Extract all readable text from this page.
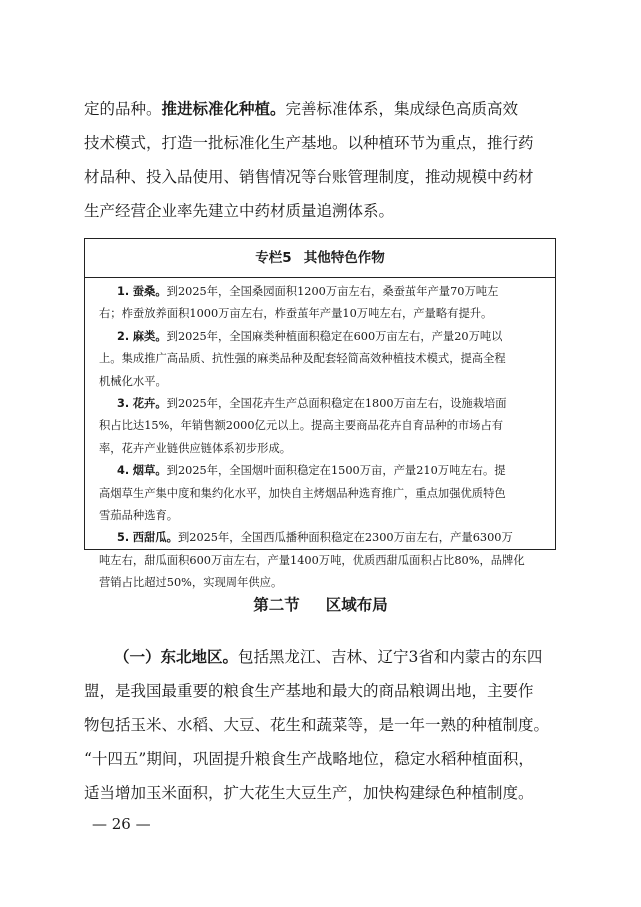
定的品种。推进标准化种植。完善标准体系，集成绿色高质高效

技术模式，打造一批标准化生产基地。以种植环节为重点，推行药

材品种、投入品使用、销售情况等台账管理制度，推动规模中药材

生产经营企业率先建立中药材质量追溯体系。

专栏5 其他特色作物

1. 蚕桑。到2025年，全国桑园面积1200万亩左右，桑蚕茧年产量70万吨左
右；柞蚕放养面积1000万亩左右，柞蚕茧年产量10万吨左右，产量略有提升。

2. 麻类。到2025年，全国麻类种植面积稳定在600万亩左右，产量20万吨以
上。集成推广高品质、抗性强的麻类品种及配套轻简高效种植技术模式，提高全程
机械化水平。

3. 花卉。到2025年，全国花卉生产总面积稳定在1800万亩左右，设施栽培面
积占比达15%，年销售额2000亿元以上。提高主要商品花卉自育品种的市场占有
率，花卉产业链供应链体系初步形成。

4. 烟草。到2025年，全国烟叶面积稳定在1500万亩，产量210万吨左右。提
高烟草生产集中度和集约化水平，加快自主烤烟品种选育推广，重点加强优质特色
雪茄品种选育。

5. 西甜瓜。到2025年，全国西瓜播种面积稳定在2300万亩左右，产量6300万
吨左右，甜瓜面积600万亩左右，产量1400万吨，优质西甜瓜面积占比80%，品牌化
营销占比超过50%，实现周年供应。

第二节 区域布局

（一）东北地区。包括黑龙江、吉林、辽宁3省和内蒙古的东四

盟，是我国最重要的粮食生产基地和最大的商品粮调出地，主要作

物包括玉米、水稻、大豆、花生和蔬菜等，是一年一熟的种植制度。

“十四五”期间，巩固提升粮食生产战略地位，稳定水稻种植面积，

适当增加玉米面积，扩大花生大豆生产，加快构建绿色种植制度。

— 26 —
